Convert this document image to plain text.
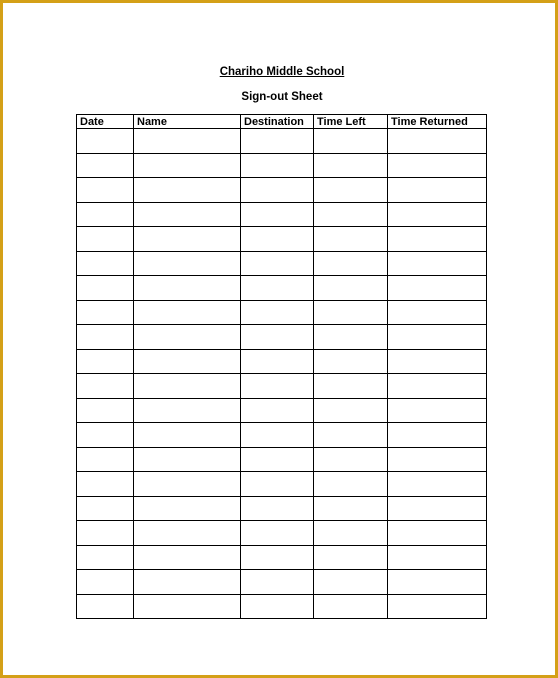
Chariho Middle School
Sign-out Sheet
Date	Name	Destination	Time Left	Time Returned
